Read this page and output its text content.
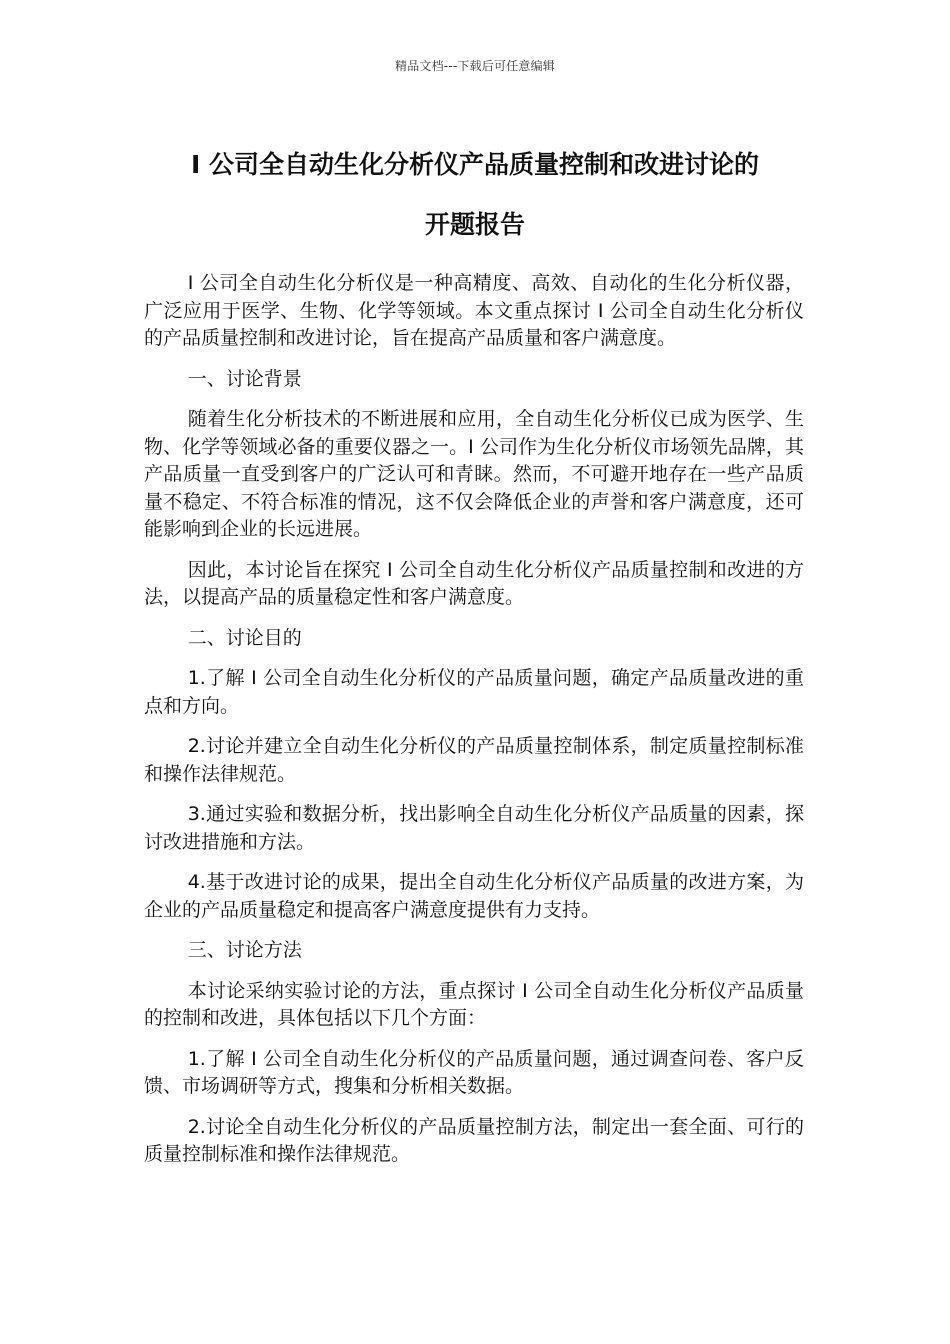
精品文档---下载后可任意编辑
I 公司全自动生化分析仪产品质量控制和改进讨论的
开题报告

I 公司全自动生化分析仪是一种高精度、高效、自动化的生化分析仪器，广泛应用于医学、生物、化学等领域。本文重点探讨 I 公司全自动生化分析仪的产品质量控制和改进讨论，旨在提高产品质量和客户满意度。

一、讨论背景

随着生化分析技术的不断进展和应用，全自动生化分析仪已成为医学、生物、化学等领域必备的重要仪器之一。I 公司作为生化分析仪市场领先品牌，其产品质量一直受到客户的广泛认可和青睐。然而，不可避开地存在一些产品质量不稳定、不符合标准的情况，这不仅会降低企业的声誉和客户满意度，还可能影响到企业的长远进展。

因此，本讨论旨在探究 I 公司全自动生化分析仪产品质量控制和改进的方法，以提高产品的质量稳定性和客户满意度。

二、讨论目的

1.了解 I 公司全自动生化分析仪的产品质量问题，确定产品质量改进的重点和方向。

2.讨论并建立全自动生化分析仪的产品质量控制体系，制定质量控制标准和操作法律规范。

3.通过实验和数据分析，找出影响全自动生化分析仪产品质量的因素，探讨改进措施和方法。

4.基于改进讨论的成果，提出全自动生化分析仪产品质量的改进方案，为企业的产品质量稳定和提高客户满意度提供有力支持。

三、讨论方法

本讨论采纳实验讨论的方法，重点探讨 I 公司全自动生化分析仪产品质量的控制和改进，具体包括以下几个方面：

1.了解 I 公司全自动生化分析仪的产品质量问题，通过调查问卷、客户反馈、市场调研等方式，搜集和分析相关数据。

2.讨论全自动生化分析仪的产品质量控制方法，制定出一套全面、可行的质量控制标准和操作法律规范。
